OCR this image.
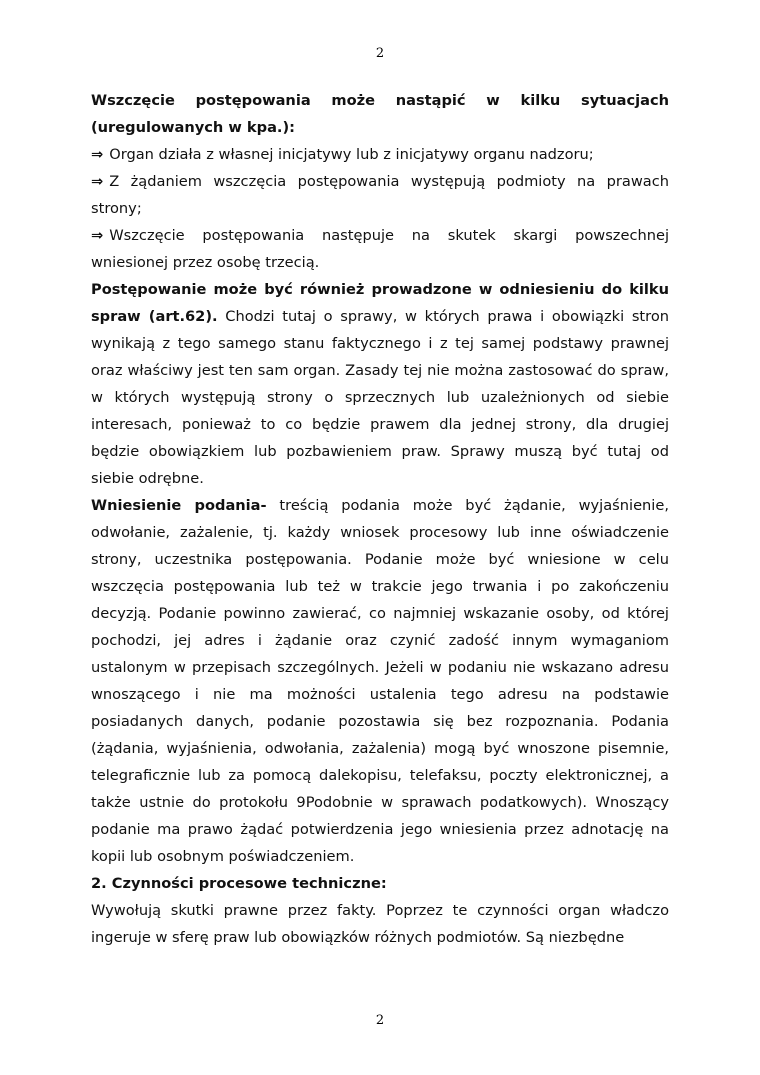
2

Wszczęcie postępowania może nastąpić w kilku sytuacjach (uregulowanych w kpa.):

⇒ Organ działa z własnej inicjatywy lub z inicjatywy organu nadzoru;

⇒ Z żądaniem wszczęcia postępowania występują podmioty na prawach strony;

⇒ Wszczęcie postępowania następuje na skutek skargi powszechnej wniesionej przez osobę trzecią.

Postępowanie może być również prowadzone w odniesieniu do kilku spraw (art.62). Chodzi tutaj o sprawy, w których prawa i obowiązki stron wynikają z tego samego stanu faktycznego i z tej samej podstawy prawnej oraz właściwy jest ten sam organ. Zasady tej nie można zastosować do spraw, w których występują strony o sprzecznych lub uzależnionych od siebie interesach, ponieważ to co będzie prawem dla jednej strony, dla drugiej będzie obowiązkiem lub pozbawieniem praw. Sprawy muszą być tutaj od siebie odrębne.

Wniesienie podania- treścią podania może być żądanie, wyjaśnienie, odwołanie, zażalenie, tj. każdy wniosek procesowy lub inne oświadczenie strony, uczestnika postępowania. Podanie może być wniesione w celu wszczęcia postępowania lub też w trakcie jego trwania i po zakończeniu decyzją. Podanie powinno zawierać, co najmniej wskazanie osoby, od której pochodzi, jej adres i żądanie oraz czynić zadość innym wymaganiom ustalonym w przepisach szczególnych. Jeżeli w podaniu nie wskazano adresu wnoszącego i nie ma możności ustalenia tego adresu na podstawie posiadanych danych, podanie pozostawia się bez rozpoznania. Podania (żądania, wyjaśnienia, odwołania, zażalenia) mogą być wnoszone pisemnie, telegraficznie lub za pomocą dalekopisu, telefaksu, poczty elektronicznej, a także ustnie do protokołu 9Podobnie w sprawach podatkowych). Wnoszący podanie ma prawo żądać potwierdzenia jego wniesienia przez adnotację na kopii lub osobnym poświadczeniem.

2. Czynności procesowe techniczne:

Wywołują skutki prawne przez fakty. Poprzez te czynności organ władczo ingeruje w sferę praw lub obowiązków różnych podmiotów. Są niezbędne

2
